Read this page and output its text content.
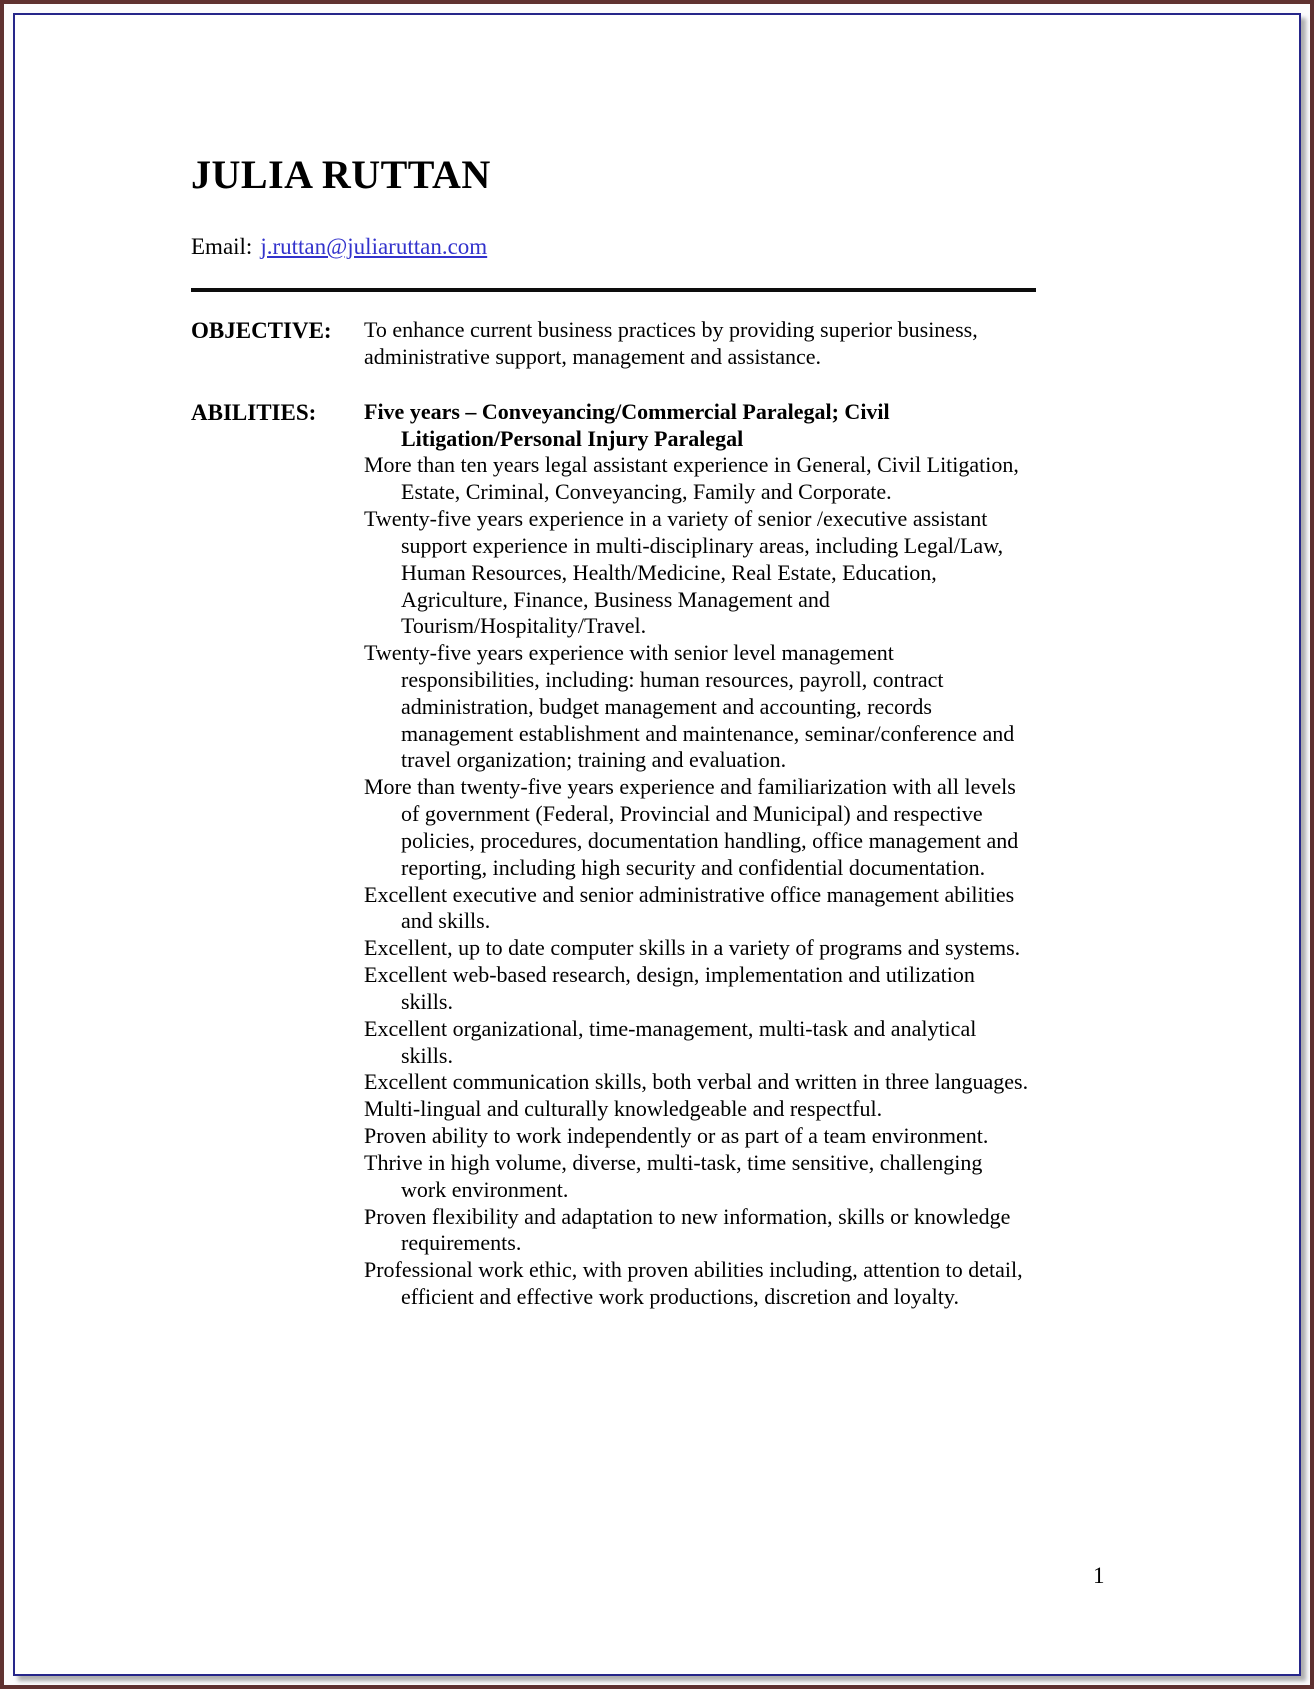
JULIA RUTTAN

Email: j.ruttan@juliaruttan.com

OBJECTIVE:	To enhance current business practices by providing superior business, administrative support, management and assistance.

ABILITIES:	Five years – Conveyancing/Commercial Paralegal; Civil Litigation/Personal Injury Paralegal

More than ten years legal assistant experience in General, Civil Litigation, Estate, Criminal, Conveyancing, Family and Corporate.

Twenty-five years experience in a variety of senior /executive assistant support experience in multi-disciplinary areas, including Legal/Law, Human Resources, Health/Medicine, Real Estate, Education, Agriculture, Finance, Business Management and Tourism/Hospitality/Travel.

Twenty-five years experience with senior level management responsibilities, including: human resources, payroll, contract administration, budget management and accounting, records management establishment and maintenance, seminar/conference and travel organization; training and evaluation.

More than twenty-five years experience and familiarization with all levels of government (Federal, Provincial and Municipal) and respective policies, procedures, documentation handling, office management and reporting, including high security and confidential documentation.

Excellent executive and senior administrative office management abilities and skills.

Excellent, up to date computer skills in a variety of programs and systems.

Excellent web-based research, design, implementation and utilization skills.

Excellent organizational, time-management, multi-task and analytical skills.

Excellent communication skills, both verbal and written in three languages.

Multi-lingual and culturally knowledgeable and respectful.

Proven ability to work independently or as part of a team environment.

Thrive in high volume, diverse, multi-task, time sensitive, challenging work environment.

Proven flexibility and adaptation to new information, skills or knowledge requirements.

Professional work ethic, with proven abilities including, attention to detail, efficient and effective work productions, discretion and loyalty.

1
